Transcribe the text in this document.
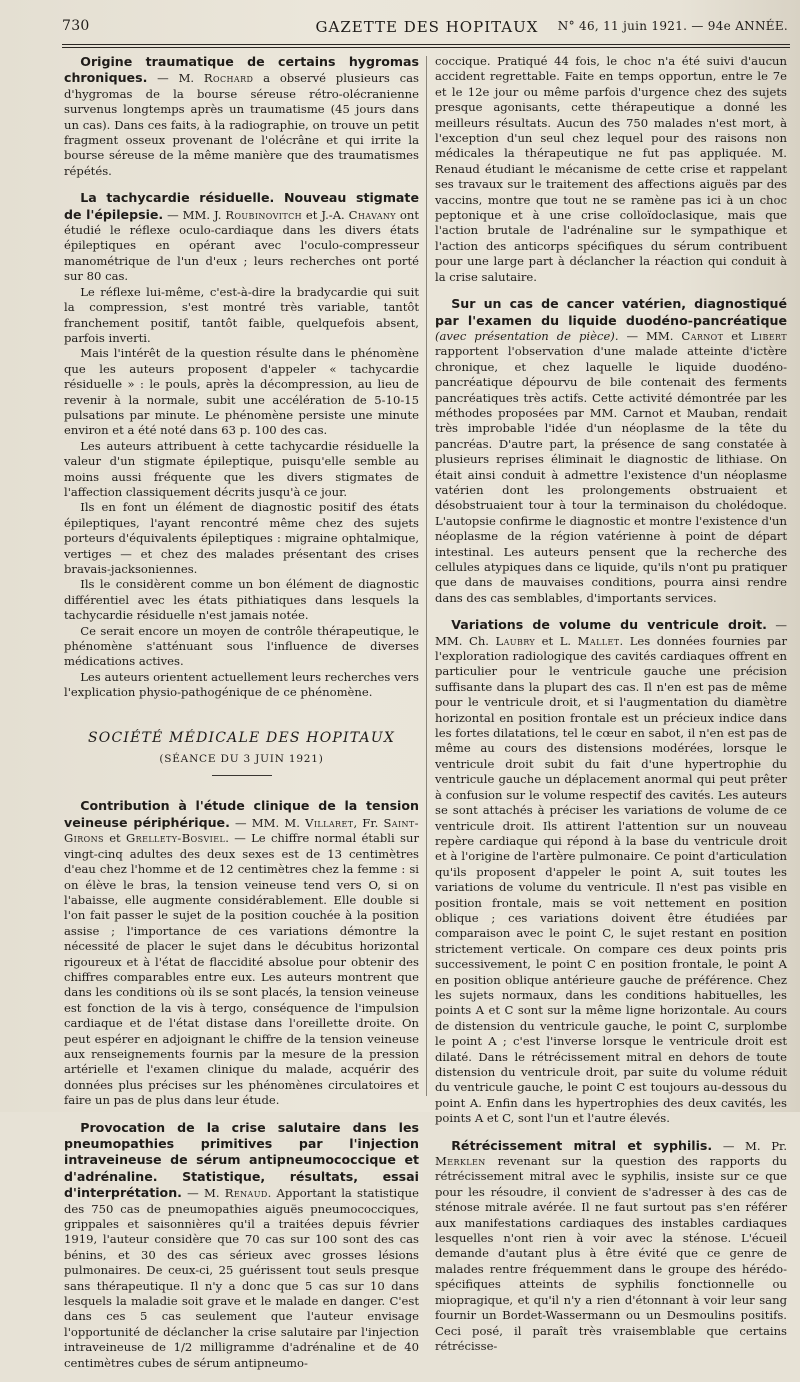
730	GAZETTE DES HOPITAUX	N° 46, 11 juin 1921. — 94e ANNÉE.

Origine traumatique de certains hygromas chroniques. — M. Rochard a observé plusieurs cas d'hygromas de la bourse séreuse rétro-olécranienne survenus longtemps après un traumatisme (45 jours dans un cas). Dans ces faits, à la radiographie, on trouve un petit fragment osseux provenant de l'olécrâne et qui irrite la bourse séreuse de la même manière que des traumatismes répétés.

La tachycardie résiduelle. Nouveau stigmate de l'épilepsie. — MM. J. Roubinovitch et J.-A. Chavany ont étudié le réflexe oculo-cardiaque dans les divers états épileptiques en opérant avec l'oculo-compresseur manométrique de l'un d'eux ; leurs recherches ont porté sur 80 cas.

Le réflexe lui-même, c'est-à-dire la bradycardie qui suit la compression, s'est montré très variable, tantôt franchement positif, tantôt faible, quelquefois absent, parfois inverti.

Mais l'intérêt de la question résulte dans le phénomène que les auteurs proposent d'appeler « tachycardie résiduelle » : le pouls, après la décompression, au lieu de revenir à la normale, subit une accélération de 5-10-15 pulsations par minute. Le phénomène persiste une minute environ et a été noté dans 63 p. 100 des cas.

Les auteurs attribuent à cette tachycardie résiduelle la valeur d'un stigmate épileptique, puisqu'elle semble au moins aussi fréquente que les divers stigmates de l'affection classiquement décrits jusqu'à ce jour.

Ils en font un élément de diagnostic positif des états épileptiques, l'ayant rencontré même chez des sujets porteurs d'équivalents épileptiques : migraine ophtalmique, vertiges — et chez des malades présentant des crises bravais-jacksoniennes.

Ils le considèrent comme un bon élément de diagnostic différentiel avec les états pithiatiques dans lesquels la tachycardie résiduelle n'est jamais notée.

Ce serait encore un moyen de contrôle thérapeutique, le phénomène s'atténuant sous l'influence de diverses médications actives.

Les auteurs orientent actuellement leurs recherches vers l'explication physio-pathogénique de ce phénomène.

SOCIÉTÉ MÉDICALE DES HOPITAUX
(SÉANCE DU 3 JUIN 1921)

Contribution à l'étude clinique de la tension veineuse périphérique. — MM. M. Villaret, Fr. Saint-Girons et Grellety-Bosviel. — Le chiffre normal établi sur vingt-cinq adultes des deux sexes est de 13 centimètres d'eau chez l'homme et de 12 centimètres chez la femme : si on élève le bras, la tension veineuse tend vers O, si on l'abaisse, elle augmente considérablement. Elle double si l'on fait passer le sujet de la position couchée à la position assise ; l'importance de ces variations démontre la nécessité de placer le sujet dans le décubitus horizontal rigoureux et à l'état de flaccidité absolue pour obtenir des chiffres comparables entre eux. Les auteurs montrent que dans les conditions où ils se sont placés, la tension veineuse est fonction de la vis à tergo, conséquence de l'impulsion cardiaque et de l'état distase dans l'oreillette droite. On peut espérer en adjoignant le chiffre de la tension veineuse aux renseignements fournis par la mesure de la pression artérielle et l'examen clinique du malade, acquérir des données plus précises sur les phénomènes circulatoires et faire un pas de plus dans leur étude.

Provocation de la crise salutaire dans les pneumopathies primitives par l'injection intraveineuse de sérum antipneumococcique et d'adrénaline. Statistique, résultats, essai d'interprétation. — M. Renaud. Apportant la statistique des 750 cas de pneumopathies aiguës pneumococciques, grippales et saisonnières qu'il a traitées depuis février 1919, l'auteur considère que 70 cas sur 100 sont des cas bénins, et 30 des cas sérieux avec grosses lésions pulmonaires. De ceux-ci, 25 guérissent tout seuls presque sans thérapeutique. Il n'y a donc que 5 cas sur 10 dans lesquels la maladie soit grave et le malade en danger. C'est dans ces 5 cas seulement que l'auteur envisage l'opportunité de déclancher la crise salutaire par l'injection intraveineuse de 1/2 milligramme d'adrénaline et de 40 centimètres cubes de sérum antipneumo-

coccique. Pratiqué 44 fois, le choc n'a été suivi d'aucun accident regrettable. Faite en temps opportun, entre le 7e et le 12e jour ou même parfois d'urgence chez des sujets presque agonisants, cette thérapeutique a donné les meilleurs résultats. Aucun des 750 malades n'est mort, à l'exception d'un seul chez lequel pour des raisons non médicales la thérapeutique ne fut pas appliquée. M. Renaud étudiant le mécanisme de cette crise et rappelant ses travaux sur le traitement des affections aiguës par des vaccins, montre que tout ne se ramène pas ici à un choc peptonique et à une crise colloïdoclasique, mais que l'action brutale de l'adrénaline sur le sympathique et l'action des anticorps spécifiques du sérum contribuent pour une large part à déclancher la réaction qui conduit à la crise salutaire.

Sur un cas de cancer vatérien, diagnostiqué par l'examen du liquide duodéno-pancréatique (avec présentation de pièce). — MM. Carnot et Libert rapportent l'observation d'une malade atteinte d'ictère chronique, et chez laquelle le liquide duodéno-pancréatique dépourvu de bile contenait des ferments pancréatiques très actifs. Cette activité démontrée par les méthodes proposées par MM. Carnot et Mauban, rendait très improbable l'idée d'un néoplasme de la tête du pancréas. D'autre part, la présence de sang constatée à plusieurs reprises éliminait le diagnostic de lithiase. On était ainsi conduit à admettre l'existence d'un néoplasme vatérien dont les prolongements obstruaient et désobstruaient tour à tour la terminaison du cholédoque. L'autopsie confirme le diagnostic et montre l'existence d'un néoplasme de la région vatérienne à point de départ intestinal. Les auteurs pensent que la recherche des cellules atypiques dans ce liquide, qu'ils n'ont pu pratiquer que dans de mauvaises conditions, pourra ainsi rendre dans des cas semblables, d'importants services.

Variations de volume du ventricule droit. — MM. Ch. Laubry et L. Mallet. Les données fournies par l'exploration radiologique des cavités cardiaques offrent en particulier pour le ventricule gauche une précision suffisante dans la plupart des cas. Il n'en est pas de même pour le ventricule droit, et si l'augmentation du diamètre horizontal en position frontale est un précieux indice dans les fortes dilatations, tel le cœur en sabot, il n'en est pas de même au cours des distensions modérées, lorsque le ventricule droit subit du fait d'une hypertrophie du ventricule gauche un déplacement anormal qui peut prêter à confusion sur le volume respectif des cavités. Les auteurs se sont attachés à préciser les variations de volume de ce ventricule droit. Ils attirent l'attention sur un nouveau repère cardiaque qui répond à la base du ventricule droit et à l'origine de l'artère pulmonaire. Ce point d'articulation qu'ils proposent d'appeler le point A, suit toutes les variations de volume du ventricule. Il n'est pas visible en position frontale, mais se voit nettement en position oblique ; ces variations doivent être étudiées par comparaison avec le point C, le sujet restant en position strictement verticale. On compare ces deux points pris successivement, le point C en position frontale, le point A en position oblique antérieure gauche de préférence. Chez les sujets normaux, dans les conditions habituelles, les points A et C sont sur la même ligne horizontale. Au cours de distension du ventricule gauche, le point C, surplombe le point A ; c'est l'inverse lorsque le ventricule droit est dilaté. Dans le rétrécissement mitral en dehors de toute distension du ventricule droit, par suite du volume réduit du ventricule gauche, le point C est toujours au-dessous du point A. Enfin dans les hypertrophies des deux cavités, les points A et C, sont l'un et l'autre élevés.

Rétrécissement mitral et syphilis. — M. Pr. Merklen revenant sur la question des rapports du rétrécissement mitral avec le syphilis, insiste sur ce que pour les résoudre, il convient de s'adresser à des cas de sténose mitrale avérée. Il ne faut surtout pas s'en référer aux manifestations cardiaques des instables cardiaques lesquelles n'ont rien à voir avec la sténose. L'écueil demande d'autant plus à être évité que ce genre de malades rentre fréquemment dans le groupe des hérédo-spécifiques atteints de syphilis fonctionnelle ou miopragique, et qu'il n'y a rien d'étonnant à voir leur sang fournir un Bordet-Wassermann ou un Desmoulins positifs. Ceci posé, il paraît très vraisemblable que certains rétrécisse-
